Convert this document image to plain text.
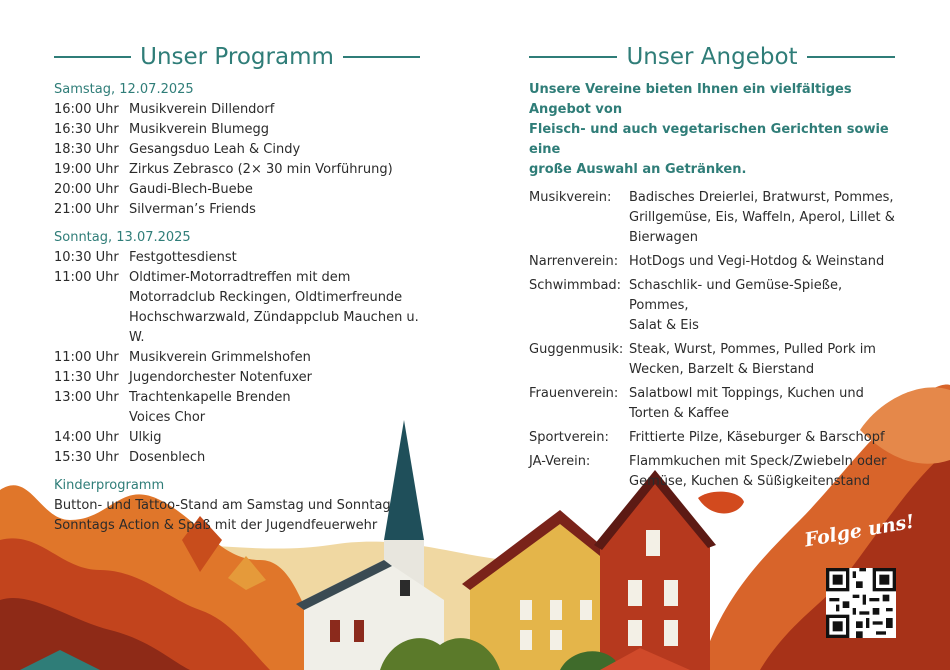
Unser Programm	Unser Angebot
Samstag, 12.07.2025
16:00 Uhr Musikverein Dillendorf
16:30 Uhr Musikverein Blumegg
18:30 Uhr Gesangsduo Leah & Cindy
19:00 Uhr Zirkus Zebrasco (2× 30 min Vorführung)
20:00 Uhr Gaudi-Blech-Buebe
21:00 Uhr Silverman’s Friends
Sonntag, 13.07.2025
10:30 Uhr Festgottesdienst
11:00 Uhr Oldtimer-Motorradtreffen mit dem
Motorradclub Reckingen, Oldtimerfreunde
Hochschwarzwald, Zündappclub Mauchen u. W.
11:00 Uhr Musikverein Grimmelshofen
11:30 Uhr Jugendorchester Notenfuxer
13:00 Uhr Trachtenkapelle Brenden
Voices Chor
14:00 Uhr Ulkig
15:30 Uhr Dosenblech
Kinderprogramm
Button- und Tattoo-Stand am Samstag und Sonntag
Sonntags Action & Spaß mit der Jugendfeuerwehr
Unsere Vereine bieten Ihnen ein vielfältiges Angebot von
Fleisch- und auch vegetarischen Gerichten sowie eine
große Auswahl an Getränken.
Musikverein:	Badisches Dreierlei, Bratwurst, Pommes,
Grillgemüse, Eis, Waffeln, Aperol, Lillet &
Bierwagen
Narrenverein: HotDogs und Vegi-Hotdog & Weinstand
Schwimmbad: Schaschlik- und Gemüse-Spieße, Pommes,
Salat & Eis
Guggenmusik: Steak, Wurst, Pommes, Pulled Pork im
Wecken, Barzelt & Bierstand
Frauenverein: Salatbowl mit Toppings, Kuchen und
Torten & Kaffee
Sportverein:	Frittierte Pilze, Käseburger & Barschopf
JA-Verein:	Flammkuchen mit Speck/Zwiebeln oder
Gemüse, Kuchen & Süßigkeitenstand
Folge uns!
